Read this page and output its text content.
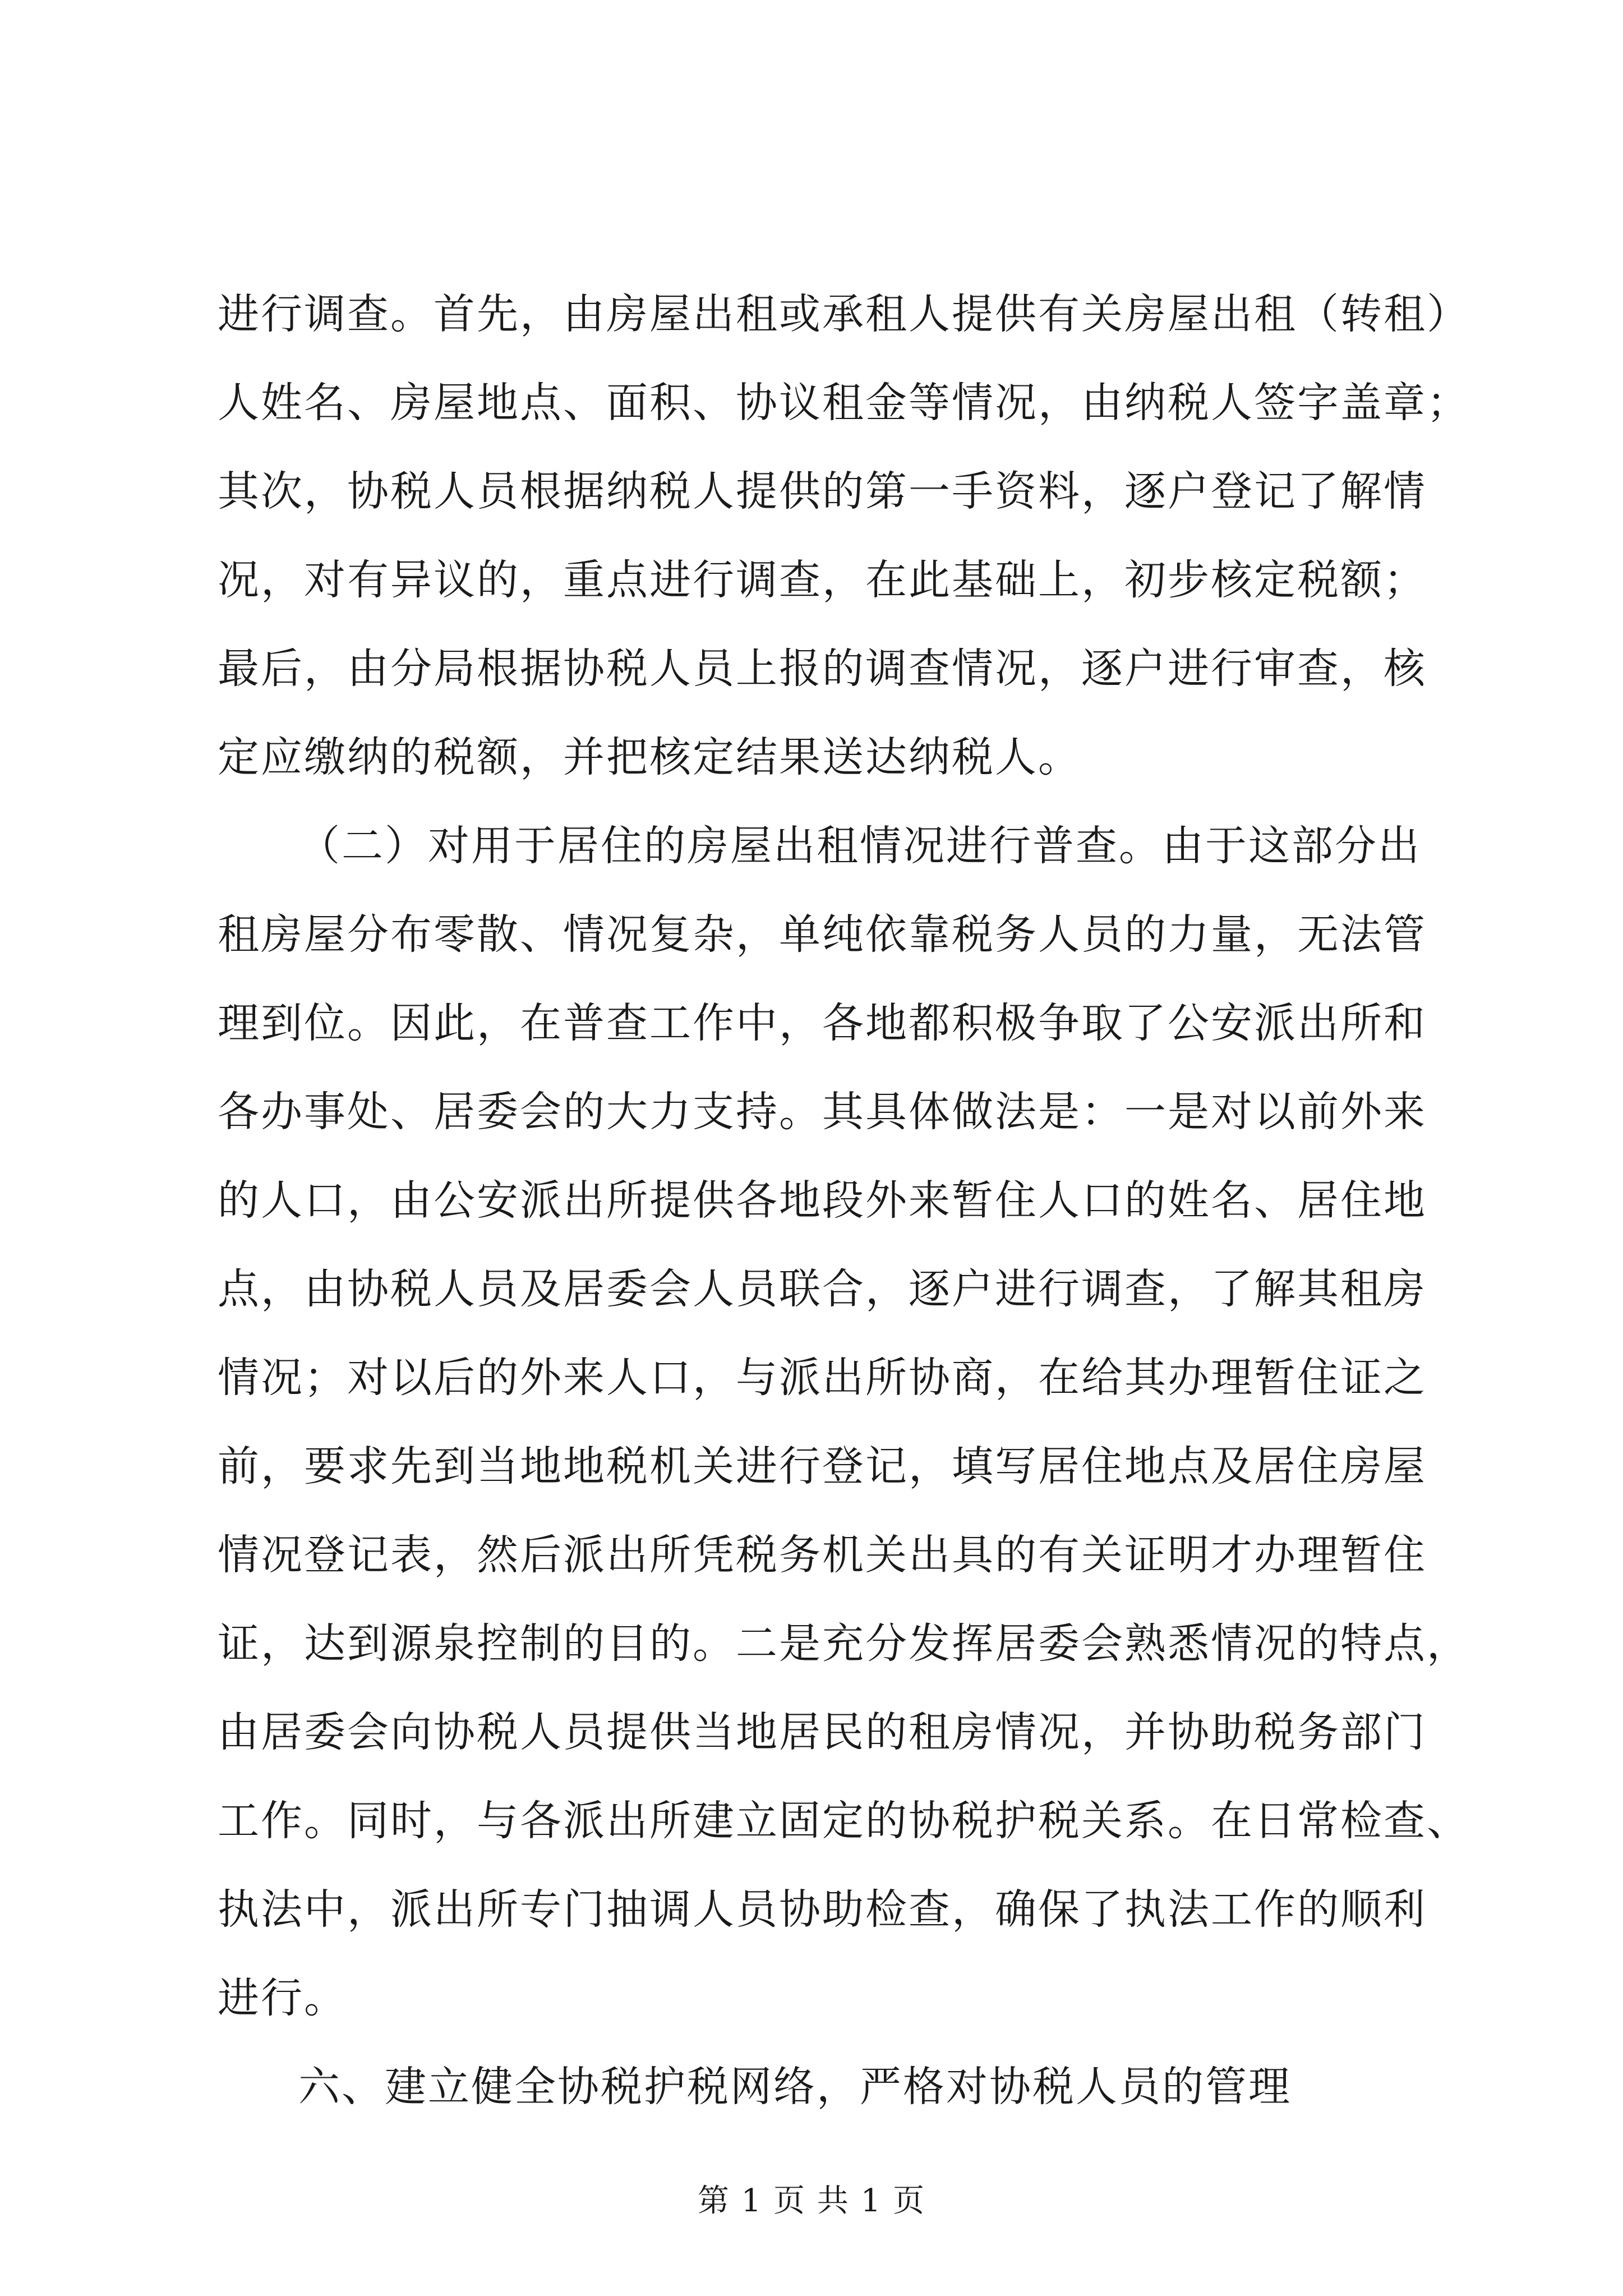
进行调查。首先，由房屋出租或承租人提供有关房屋出租（转租）
人姓名、房屋地点、面积、协议租金等情况，由纳税人签字盖章；
其次，协税人员根据纳税人提供的第一手资料，逐户登记了解情
况，对有异议的，重点进行调查，在此基础上，初步核定税额；
最后，由分局根据协税人员上报的调查情况，逐户进行审查，核
定应缴纳的税额，并把核定结果送达纳税人。
（二）对用于居住的房屋出租情况进行普查。由于这部分出
租房屋分布零散、情况复杂，单纯依靠税务人员的力量，无法管
理到位。因此，在普查工作中，各地都积极争取了公安派出所和
各办事处、居委会的大力支持。其具体做法是：一是对以前外来
的人口，由公安派出所提供各地段外来暂住人口的姓名、居住地
点，由协税人员及居委会人员联合，逐户进行调查，了解其租房
情况；对以后的外来人口，与派出所协商，在给其办理暂住证之
前，要求先到当地地税机关进行登记，填写居住地点及居住房屋
情况登记表，然后派出所凭税务机关出具的有关证明才办理暂住
证，达到源泉控制的目的。二是充分发挥居委会熟悉情况的特点，
由居委会向协税人员提供当地居民的租房情况，并协助税务部门
工作。同时，与各派出所建立固定的协税护税关系。在日常检查、
执法中，派出所专门抽调人员协助检查，确保了执法工作的顺利
进行。
六、建立健全协税护税网络，严格对协税人员的管理
第 1 页 共 1 页
